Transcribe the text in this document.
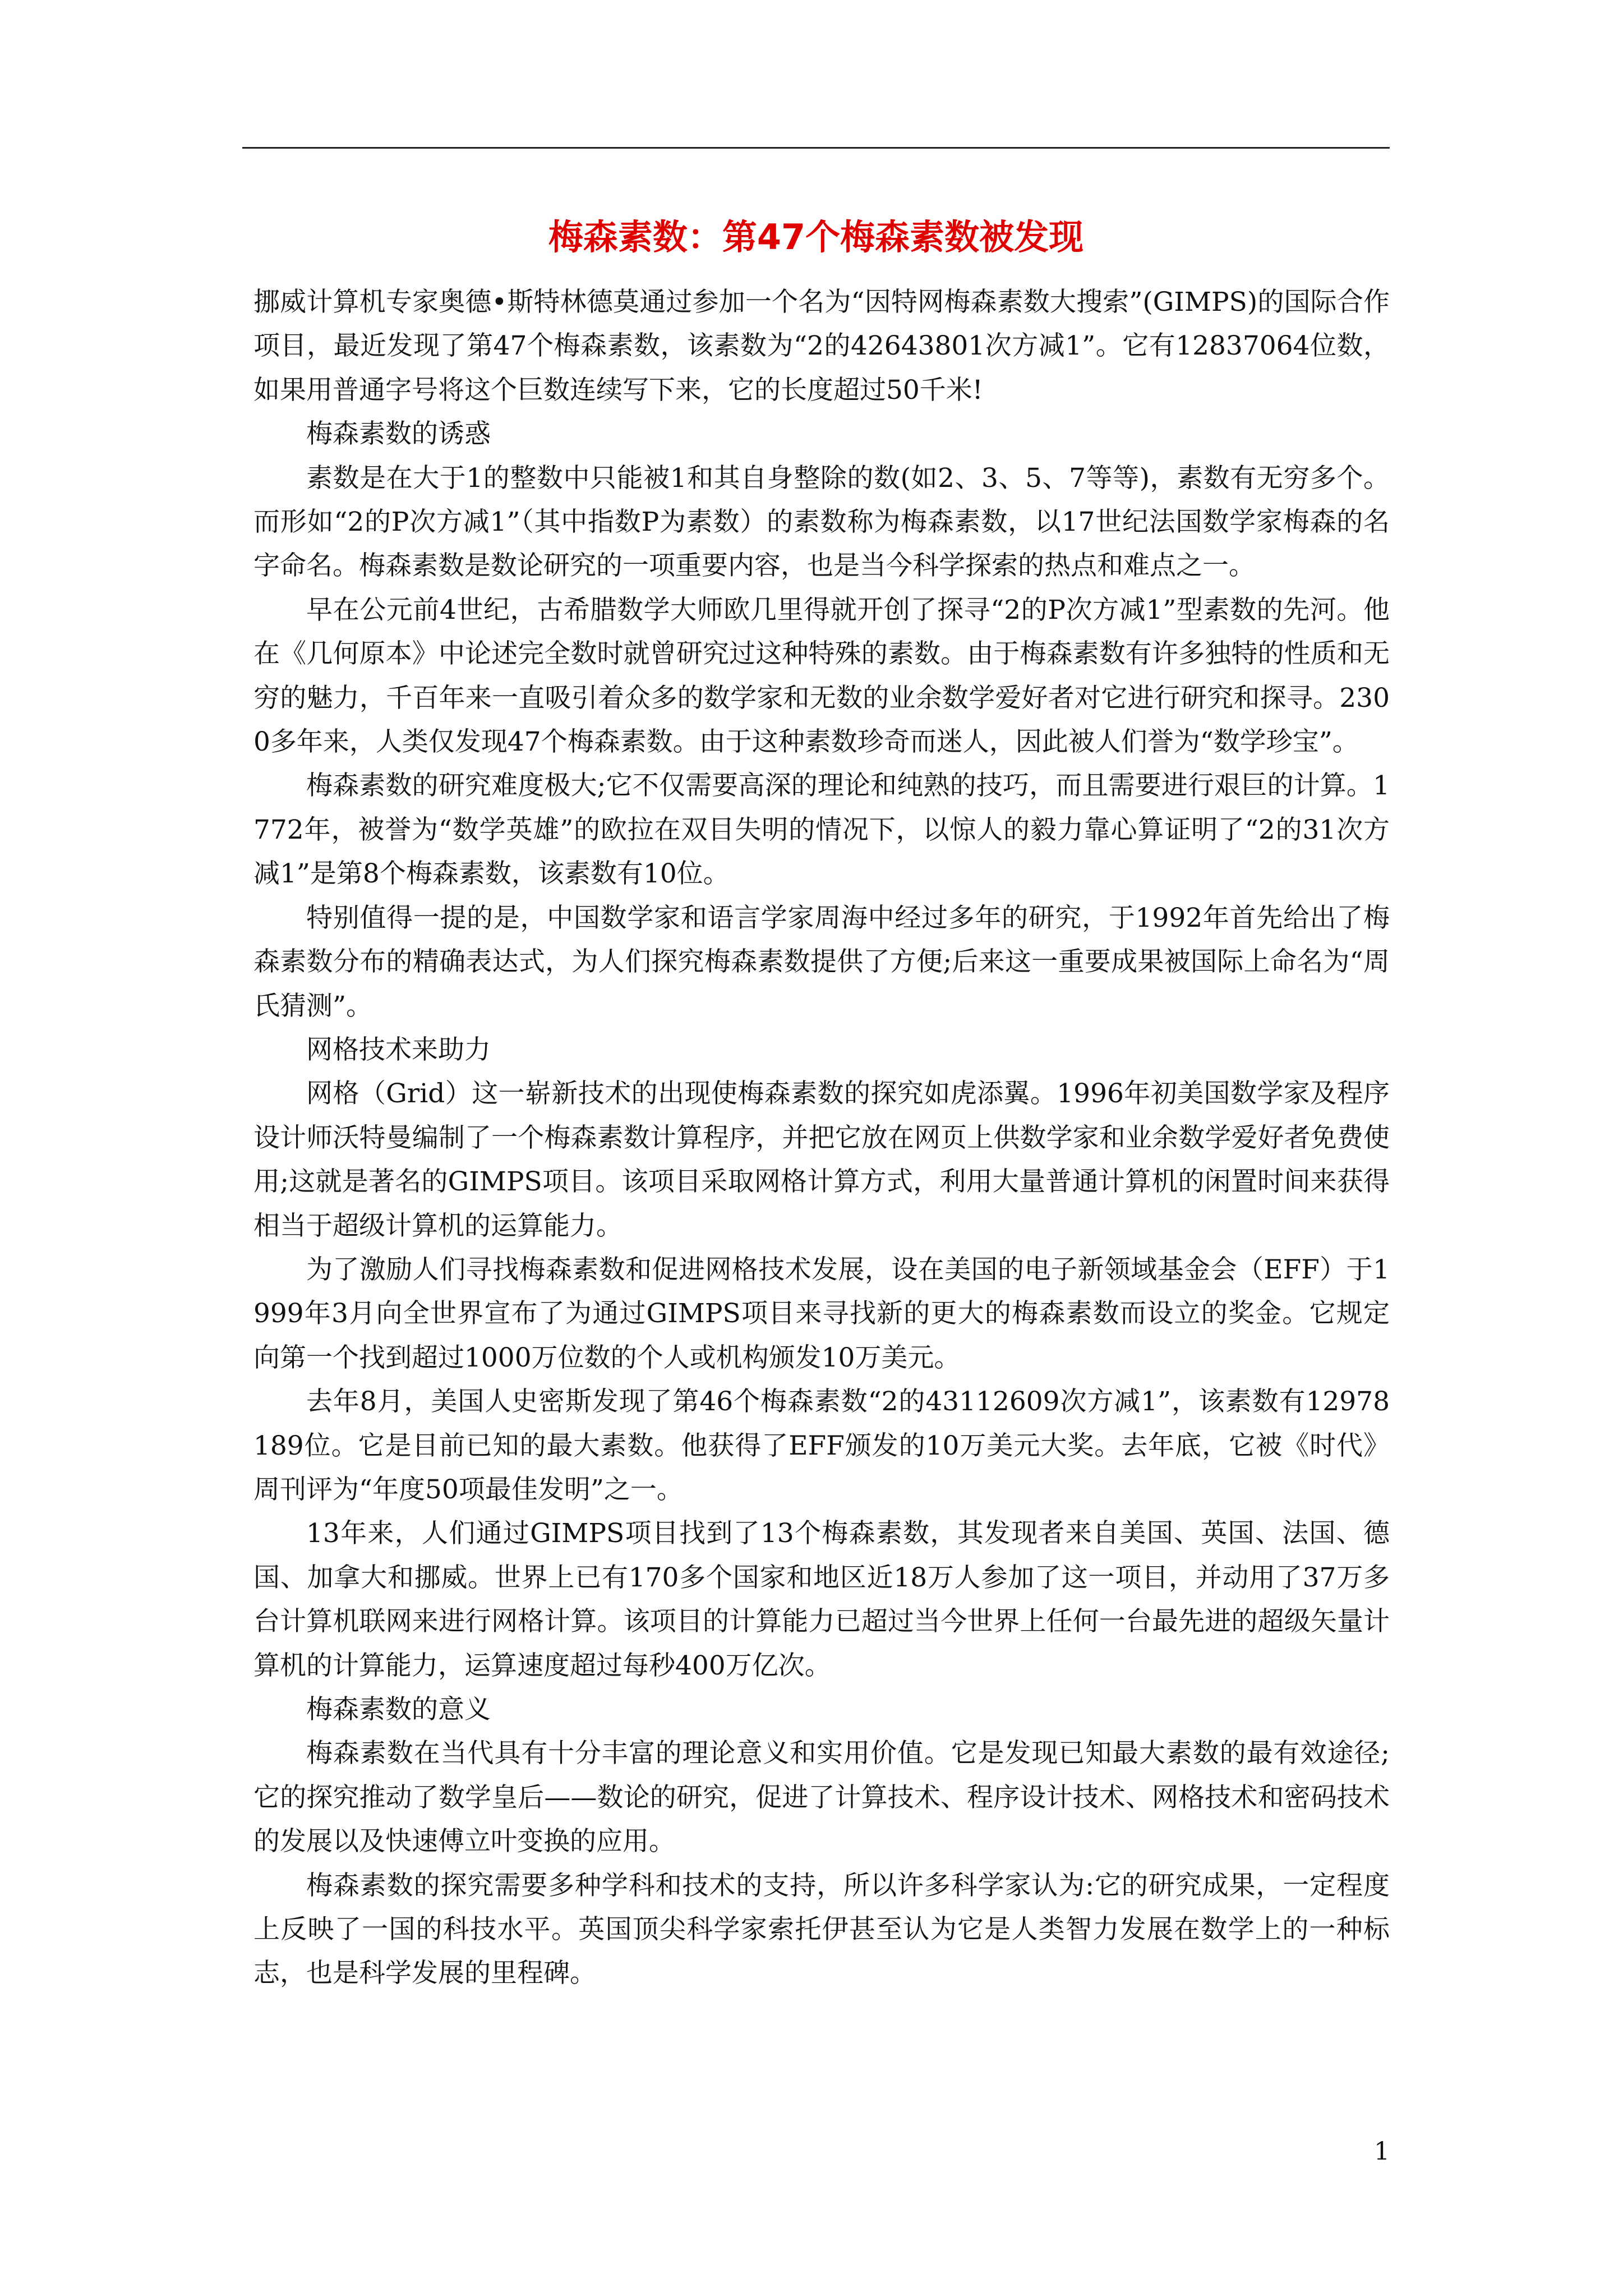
梅森素数：第47个梅森素数被发现

挪威计算机专家奥德•斯特林德莫通过参加一个名为“因特网梅森素数大搜索”(GIMPS)的国际合作项目，最近发现了第47个梅森素数，该素数为“2的42643801次方减1”。它有12837064位数，如果用普通字号将这个巨数连续写下来，它的长度超过50千米!

梅森素数的诱惑

素数是在大于1的整数中只能被1和其自身整除的数(如2、3、5、7等等)，素数有无穷多个。而形如“2的P次方减1”（其中指数P为素数）的素数称为梅森素数，以17世纪法国数学家梅森的名字命名。梅森素数是数论研究的一项重要内容，也是当今科学探索的热点和难点之一。

早在公元前4世纪，古希腊数学大师欧几里得就开创了探寻“2的P次方减1”型素数的先河。他在《几何原本》中论述完全数时就曾研究过这种特殊的素数。由于梅森素数有许多独特的性质和无穷的魅力，千百年来一直吸引着众多的数学家和无数的业余数学爱好者对它进行研究和探寻。2300多年来，人类仅发现47个梅森素数。由于这种素数珍奇而迷人，因此被人们誉为“数学珍宝”。

梅森素数的研究难度极大;它不仅需要高深的理论和纯熟的技巧，而且需要进行艰巨的计算。1772年，被誉为“数学英雄”的欧拉在双目失明的情况下，以惊人的毅力靠心算证明了“2的31次方减1”是第8个梅森素数，该素数有10位。

特别值得一提的是，中国数学家和语言学家周海中经过多年的研究，于1992年首先给出了梅森素数分布的精确表达式，为人们探究梅森素数提供了方便;后来这一重要成果被国际上命名为“周氏猜测”。

网格技术来助力

网格（Grid）这一崭新技术的出现使梅森素数的探究如虎添翼。1996年初美国数学家及程序设计师沃特曼编制了一个梅森素数计算程序，并把它放在网页上供数学家和业余数学爱好者免费使用;这就是著名的GIMPS项目。该项目采取网格计算方式，利用大量普通计算机的闲置时间来获得相当于超级计算机的运算能力。

为了激励人们寻找梅森素数和促进网格技术发展，设在美国的电子新领域基金会（EFF）于1999年3月向全世界宣布了为通过GIMPS项目来寻找新的更大的梅森素数而设立的奖金。它规定向第一个找到超过1000万位数的个人或机构颁发10万美元。

去年8月，美国人史密斯发现了第46个梅森素数“2的43112609次方减1”，该素数有12978189位。它是目前已知的最大素数。他获得了EFF颁发的10万美元大奖。去年底，它被《时代》周刊评为“年度50项最佳发明”之一。

13年来，人们通过GIMPS项目找到了13个梅森素数，其发现者来自美国、英国、法国、德国、加拿大和挪威。世界上已有170多个国家和地区近18万人参加了这一项目，并动用了37万多台计算机联网来进行网格计算。该项目的计算能力已超过当今世界上任何一台最先进的超级矢量计算机的计算能力，运算速度超过每秒400万亿次。

梅森素数的意义

梅森素数在当代具有十分丰富的理论意义和实用价值。它是发现已知最大素数的最有效途径;它的探究推动了数学皇后——数论的研究，促进了计算技术、程序设计技术、网格技术和密码技术的发展以及快速傅立叶变换的应用。

梅森素数的探究需要多种学科和技术的支持，所以许多科学家认为:它的研究成果，一定程度上反映了一国的科技水平。英国顶尖科学家索托伊甚至认为它是人类智力发展在数学上的一种标志，也是科学发展的里程碑。

1
